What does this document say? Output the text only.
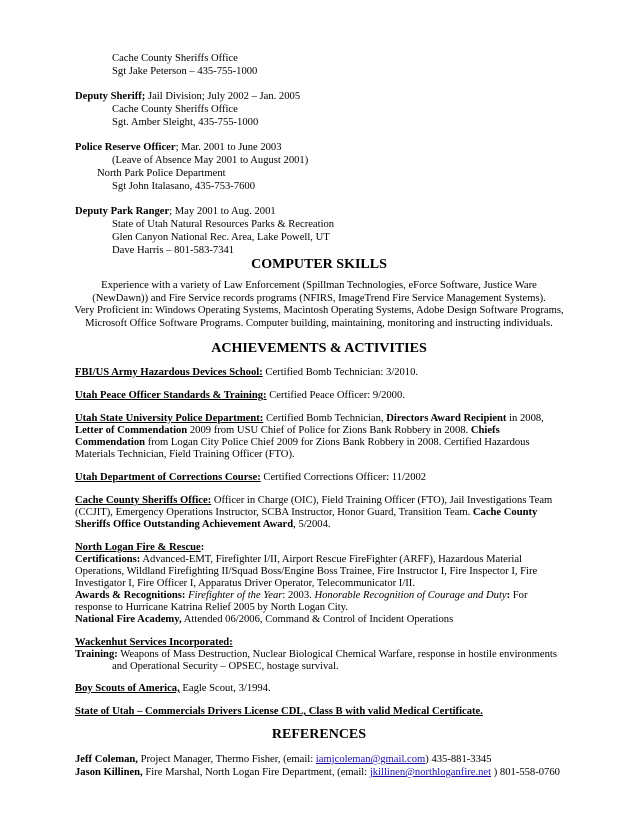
Cache County Sheriffs Office
Sgt Jake Peterson – 435-755-1000
Deputy Sheriff; Jail Division; July 2002 – Jan. 2005
Cache County Sheriffs Office
Sgt. Amber Sleight, 435-755-1000
Police Reserve Officer; Mar. 2001 to June 2003
(Leave of Absence May 2001 to August 2001)
North Park Police Department
Sgt John Italasano, 435-753-7600
Deputy Park Ranger; May 2001 to Aug. 2001
State of Utah Natural Resources Parks & Recreation
Glen Canyon National Rec. Area, Lake Powell, UT
Dave Harris – 801-583-7341
COMPUTER SKILLS
Experience with a variety of Law Enforcement (Spillman Technologies, eForce Software, Justice Ware
(NewDawn)) and Fire Service records programs (NFIRS, ImageTrend Fire Service Management Systems).
Very Proficient in: Windows Operating Systems, Macintosh Operating Systems, Adobe Design Software Programs,
Microsoft Office Software Programs. Computer building, maintaining, monitoring and instructing individuals.
ACHIEVEMENTS & ACTIVITIES
FBI/US Army Hazardous Devices School: Certified Bomb Technician: 3/2010.
Utah Peace Officer Standards & Training: Certified Peace Officer: 9/2000.
Utah State University Police Department: Certified Bomb Technician, Directors Award Recipient in 2008,
Letter of Commendation 2009 from USU Chief of Police for Zions Bank Robbery in 2008. Chiefs
Commendation from Logan City Police Chief 2009 for Zions Bank Robbery in 2008. Certified Hazardous
Materials Technician, Field Training Officer (FTO).
Utah Department of Corrections Course: Certified Corrections Officer: 11/2002
Cache County Sheriffs Office: Officer in Charge (OIC), Field Training Officer (FTO), Jail Investigations Team
(CCJIT), Emergency Operations Instructor, SCBA Instructor, Honor Guard, Transition Team. Cache County
Sheriffs Office Outstanding Achievement Award, 5/2004.
North Logan Fire & Rescue:
Certifications: Advanced-EMT, Firefighter I/II, Airport Rescue FireFighter (ARFF), Hazardous Material
Operations, Wildland Firefighting II/Squad Boss/Engine Boss Trainee, Fire Instructor I, Fire Inspector I, Fire
Investigator I, Fire Officer I, Apparatus Driver Operator, Telecommunicator I/II.
Awards & Recognitions: Firefighter of the Year: 2003. Honorable Recognition of Courage and Duty: For
response to Hurricane Katrina Relief 2005 by North Logan City.
National Fire Academy, Attended 06/2006, Command & Control of Incident Operations
Wackenhut Services Incorporated:
Training: Weapons of Mass Destruction, Nuclear Biological Chemical Warfare, response in hostile environments
and Operational Security – OPSEC, hostage survival.
Boy Scouts of America, Eagle Scout, 3/1994.
State of Utah – Commercials Drivers License CDL, Class B with valid Medical Certificate.
REFERENCES
Jeff Coleman, Project Manager, Thermo Fisher, (email: iamjcoleman@gmail.com) 435-881-3345
Jason Killinen, Fire Marshal, North Logan Fire Department, (email: jkillinen@northloganfire.net ) 801-558-0760
